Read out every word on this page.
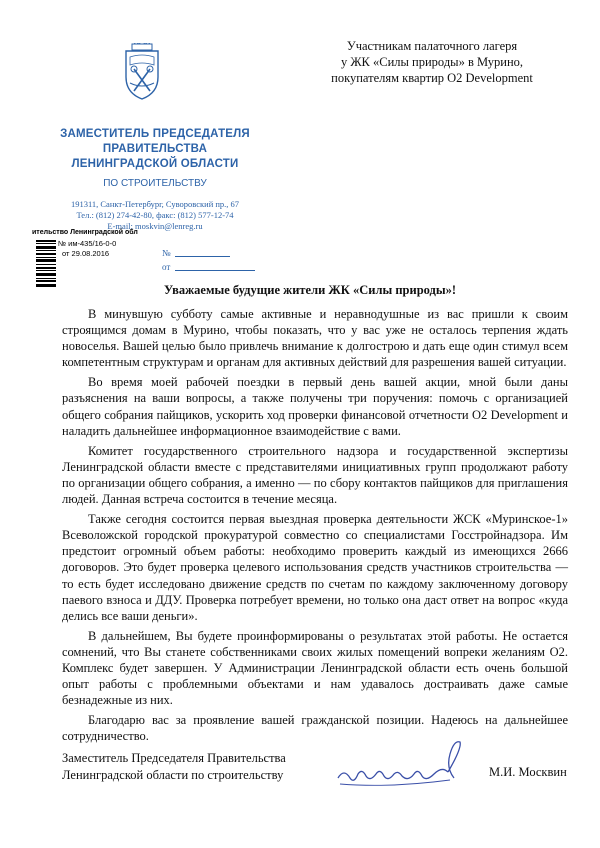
ЗАМЕСТИТЕЛЬ ПРЕДСЕДАТЕЛЯ
ПРАВИТЕЛЬСТВА
ЛЕНИНГРАДСКОЙ ОБЛАСТИ
ПО СТРОИТЕЛЬСТВУ
191311, Санкт-Петербург, Суворовский пр., 67
Тел.: (812) 274-42-80, факс: (812) 577-12-74
E-mail: moskvin@lenreg.ru
ительство Ленинградской обл
№ им-435/16-0-0
от 29.08.2016	№
от
Участникам палаточного лагеря
у ЖК «Силы природы» в Мурино,
покупателям квартир О2 Development
Уважаемые будущие жители ЖК «Силы природы»!

В минувшую субботу самые активные и неравнодушные из вас пришли к своим строящимся домам в Мурино, чтобы показать, что у вас уже не осталось терпения ждать новоселья. Вашей целью было привлечь внимание к долгострою и дать еще один стимул всем компетентным структурам и органам для активных действий для разрешения вашей ситуации.

Во время моей рабочей поездки в первый день вашей акции, мной были даны разъяснения на ваши вопросы, а также получены три поручения: помочь с организацией общего собрания пайщиков, ускорить ход проверки финансовой отчетности О2 Development и наладить дальнейшее информационное взаимодействие с вами.

Комитет государственного строительного надзора и государственной экспертизы Ленинградской области вместе с представителями инициативных групп продолжают работу по организации общего собрания, а именно — по сбору контактов пайщиков для приглашения людей. Данная встреча состоится в течение месяца.

Также сегодня состоится первая выездная проверка деятельности ЖСК «Муринское-1» Всеволожской городской прокуратурой совместно со специалистами Госстройнадзора. Им предстоит огромный объем работы: необходимо проверить каждый из имеющихся 2666 договоров. Это будет проверка целевого использования средств участников строительства — то есть будет исследовано движение средств по счетам по каждому заключенному договору паевого взноса и ДДУ. Проверка потребует времени, но только она даст ответ на вопрос «куда делись все ваши деньги».

В дальнейшем, Вы будете проинформированы о результатах этой работы. Не остается сомнений, что Вы станете собственниками своих жилых помещений вопреки желаниям О2. Комплекс будет завершен. У Администрации Ленинградской области есть очень большой опыт работы с проблемными объектами и нам удавалось достраивать даже самые безнадежные из них.

Благодарю вас за проявление вашей гражданской позиции. Надеюсь на дальнейшее сотрудничество.

Заместитель Председателя Правительства
Ленинградской области по строительству	М.И. Москвин
